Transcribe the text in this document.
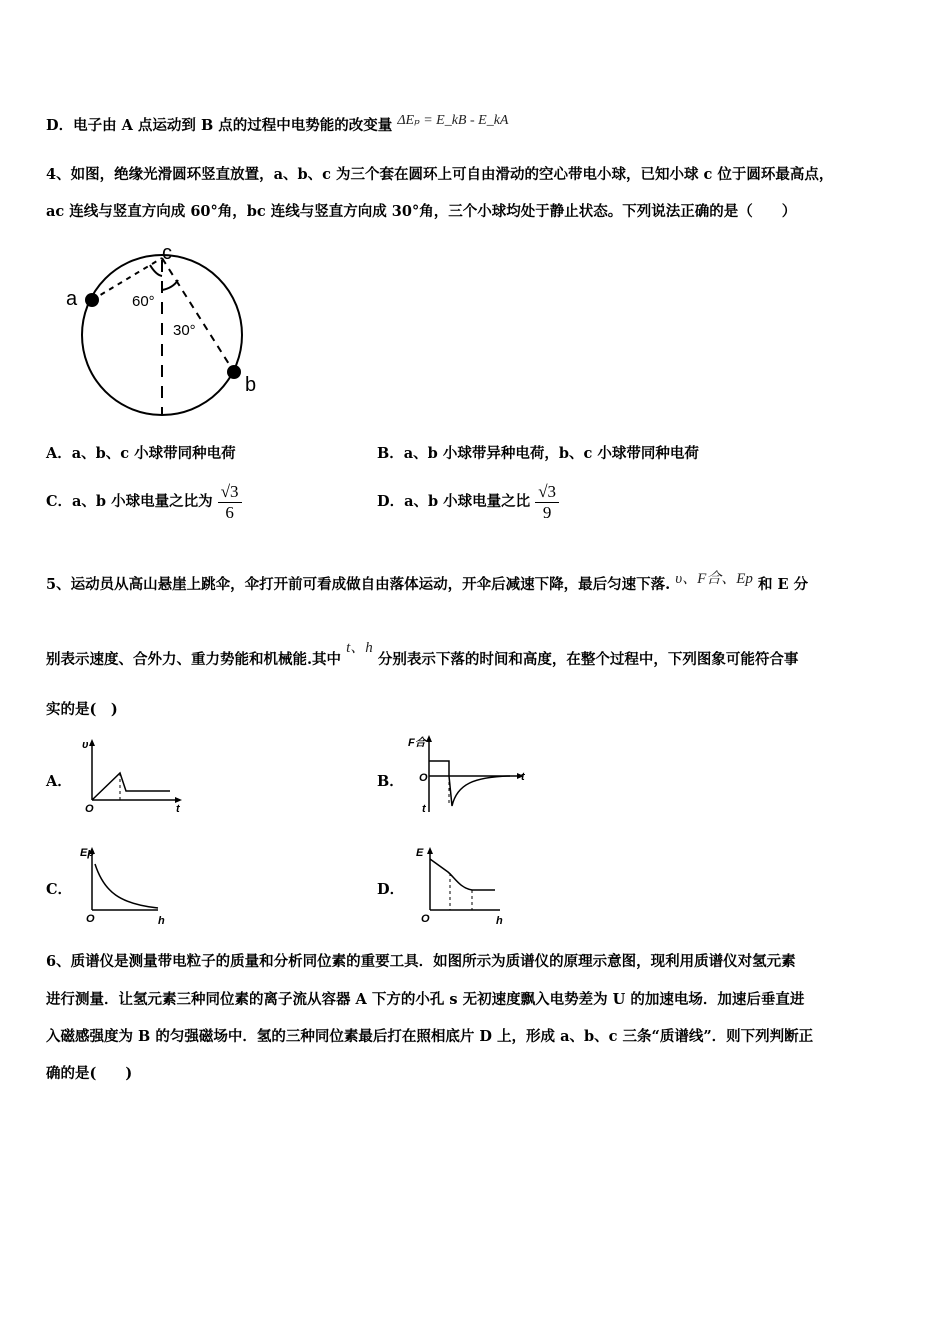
D．电子由 A 点运动到 B 点的过程中电势能的改变量 ΔEₚ = E_kB - E_kA
4、如图，绝缘光滑圆环竖直放置，a、b、c 为三个套在圆环上可自由滑动的空心带电小球，已知小球 c 位于圆环最高点，
ac 连线与竖直方向成 60°角，bc 连线与竖直方向成 30°角，三个小球均处于静止状态。下列说法正确的是（　　）
a
b
c
60°
30°
A．a、b、c 小球带同种电荷	B．a、b 小球带异种电荷，b、c 小球带同种电荷
C．a、b 小球电量之比为 $\frac{√3}{6}$	D．a、b 小球电量之比 $\frac{√3}{9}$
5、运动员从高山悬崖上跳伞，伞打开前可看成做自由落体运动，开伞后减速下降，最后匀速下落. υ、F合、Ep 和 E 分
别表示速度、合外力、重力势能和机械能.其中 t、h 分别表示下落的时间和高度，在整个过程中，下列图象可能符合事
实的是(　)
A．	B．
C．	D．
υ
O	t
F合
O	t
t
Ep
O	h
E
O	h
6、质谱仪是测量带电粒子的质量和分析同位素的重要工具．如图所示为质谱仪的原理示意图，现利用质谱仪对氢元素
进行测量．让氢元素三种同位素的离子流从容器 A 下方的小孔 s 无初速度飘入电势差为 U 的加速电场．加速后垂直进
入磁感强度为 B 的匀强磁场中．氢的三种同位素最后打在照相底片 D 上，形成 a、b、c 三条“质谱线”．则下列判断正
确的是(　　)
